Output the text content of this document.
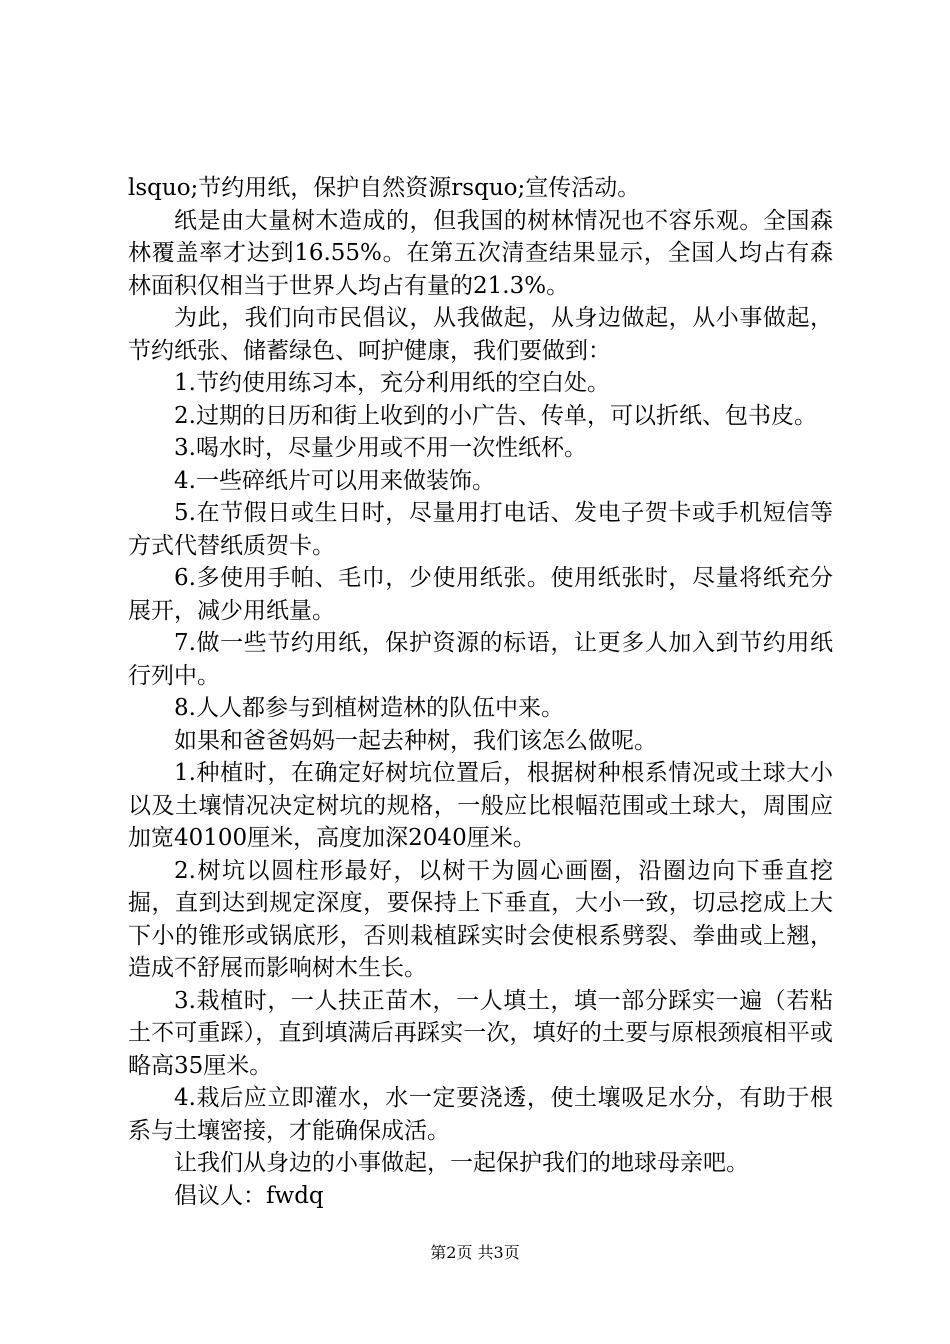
lsquo;节约用纸，保护自然资源rsquo;宣传活动。

纸是由大量树木造成的，但我国的树林情况也不容乐观。全国森林覆盖率才达到16.55%。在第五次清查结果显示，全国人均占有森林面积仅相当于世界人均占有量的21.3%。

为此，我们向市民倡议，从我做起，从身边做起，从小事做起，节约纸张、储蓄绿色、呵护健康，我们要做到：

1.节约使用练习本，充分利用纸的空白处。

2.过期的日历和街上收到的小广告、传单，可以折纸、包书皮。

3.喝水时，尽量少用或不用一次性纸杯。

4.一些碎纸片可以用来做装饰。

5.在节假日或生日时，尽量用打电话、发电子贺卡或手机短信等方式代替纸质贺卡。

6.多使用手帕、毛巾，少使用纸张。使用纸张时，尽量将纸充分展开，减少用纸量。

7.做一些节约用纸，保护资源的标语，让更多人加入到节约用纸行列中。

8.人人都参与到植树造林的队伍中来。

如果和爸爸妈妈一起去种树，我们该怎么做呢。

1.种植时，在确定好树坑位置后，根据树种根系情况或土球大小以及土壤情况决定树坑的规格，一般应比根幅范围或土球大，周围应加宽40100厘米，高度加深2040厘米。

2.树坑以圆柱形最好，以树干为圆心画圈，沿圈边向下垂直挖掘，直到达到规定深度，要保持上下垂直，大小一致，切忌挖成上大下小的锥形或锅底形，否则栽植踩实时会使根系劈裂、拳曲或上翘，造成不舒展而影响树木生长。

3.栽植时，一人扶正苗木，一人填土，填一部分踩实一遍（若粘土不可重踩），直到填满后再踩实一次，填好的土要与原根颈痕相平或略高35厘米。

4.栽后应立即灌水，水一定要浇透，使土壤吸足水分，有助于根系与土壤密接，才能确保成活。

让我们从身边的小事做起，一起保护我们的地球母亲吧。

倡议人：fwdq

第2页 共3页
